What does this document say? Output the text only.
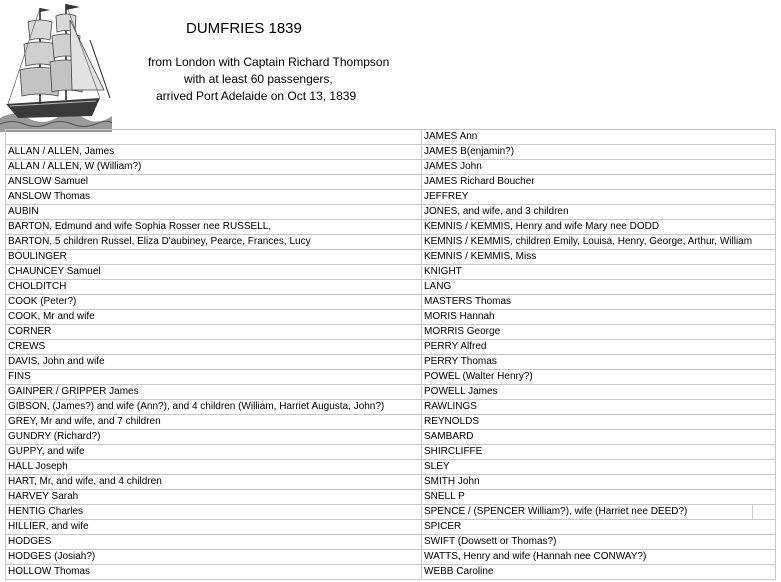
DUMFRIES 1839
from London with Captain Richard Thompson
with at least 60 passengers,
arrived Port Adelaide on Oct 13, 1839
	JAMES Ann	
ALLAN / ALLEN, James	JAMES B(enjamin?)	
ALLAN / ALLEN, W (William?)	JAMES John	
ANSLOW Samuel	JAMES Richard Boucher	
ANSLOW Thomas	JEFFREY	
AUBIN	JONES, and wife, and 3 children	
BARTON, Edmund and wife Sophia Rosser nee RUSSELL,	KEMNIS / KEMMIS, Henry and wife Mary nee DODD	
BARTON, 5 children Russel, Eliza D'aubiney, Pearce, Frances, Lucy	KEMNIS / KEMMIS, children Emily, Louisa, Henry, George, Arthur, William	
BOULINGER	KEMNIS / KEMMIS, Miss	
CHAUNCEY Samuel	KNIGHT	
CHOLDITCH	LANG	
COOK (Peter?)	MASTERS Thomas	
COOK, Mr and wife	MORIS Hannah	
CORNER	MORRIS George	
CREWS	PERRY Alfred	
DAVIS, John and wife	PERRY Thomas	
FINS	POWEL (Walter Henry?)	
GAINPER / GRIPPER James	POWELL James	
GIBSON, (James?) and wife (Ann?), and 4 children (William, Harriet Augusta, John?)	RAWLINGS	
GREY, Mr and wife, and 7 children	REYNOLDS	
GUNDRY (Richard?)	SAMBARD	
GUPPY, and wife	SHIRCLIFFE	
HALL Joseph	SLEY	
HART, Mr, and wife, and 4 children	SMITH John	
HARVEY Sarah	SNELL P	
HENTIG Charles	SPENCE / (SPENCER William?), wife (Harriet nee DEED?)	
HILLIER, and wife	SPICER	
HODGES	SWIFT (Dowsett or Thomas?)	
HODGES (Josiah?)	WATTS, Henry and wife (Hannah nee CONWAY?)	
HOLLOW Thomas	WEBB Caroline	
